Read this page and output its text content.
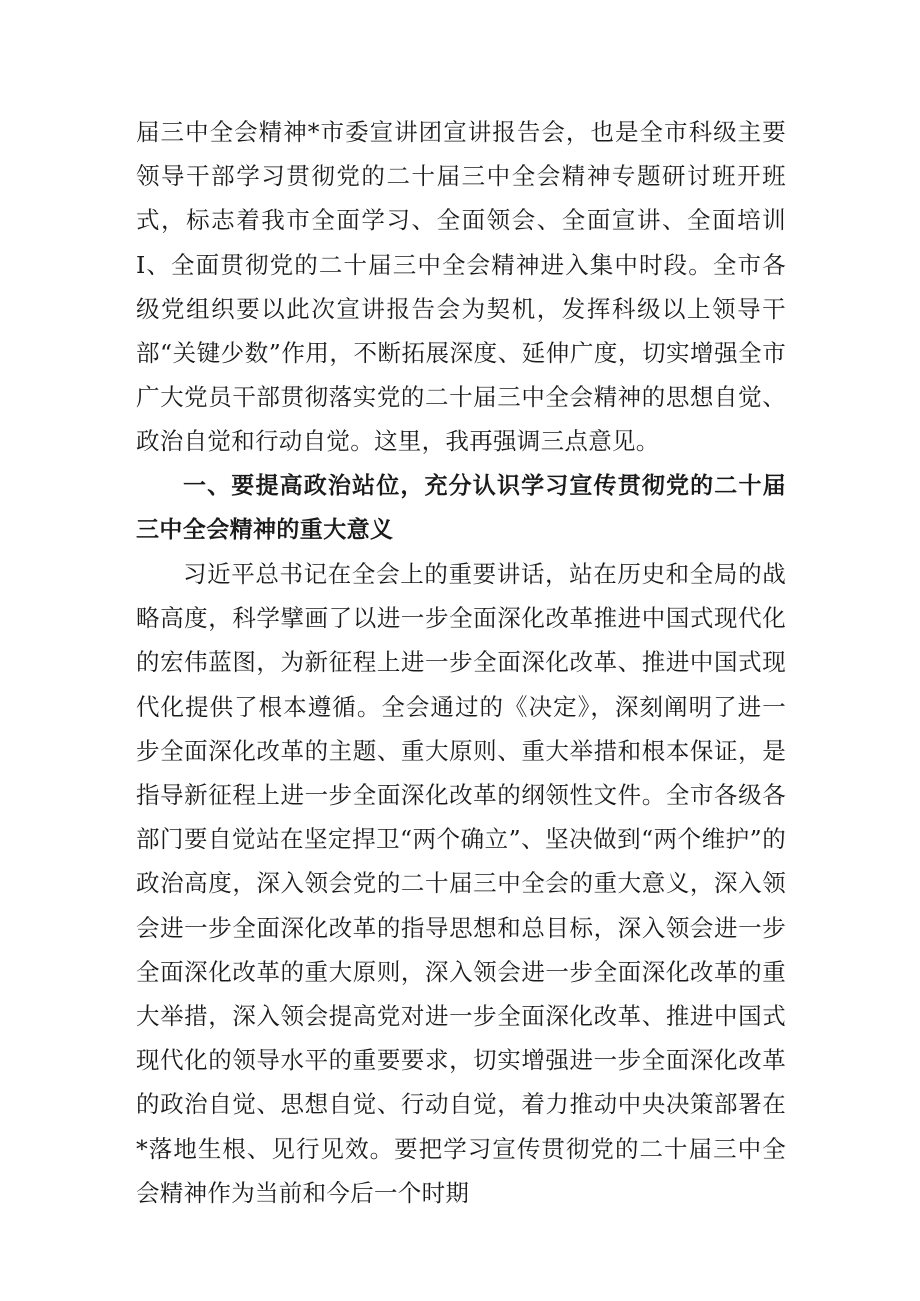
届三中全会精神*市委宣讲团宣讲报告会，也是全市科级主要领导干部学习贯彻党的二十届三中全会精神专题研讨班开班式，标志着我市全面学习、全面领会、全面宣讲、全面培训I、全面贯彻党的二十届三中全会精神进入集中时段。全市各级党组织要以此次宣讲报告会为契机，发挥科级以上领导干部“关键少数”作用，不断拓展深度、延伸广度，切实增强全市广大党员干部贯彻落实党的二十届三中全会精神的思想自觉、政治自觉和行动自觉。这里，我再强调三点意见。

一、要提高政治站位，充分认识学习宣传贯彻党的二十届三中全会精神的重大意义

习近平总书记在全会上的重要讲话，站在历史和全局的战略高度，科学擘画了以进一步全面深化改革推进中国式现代化的宏伟蓝图，为新征程上进一步全面深化改革、推进中国式现代化提供了根本遵循。全会通过的《决定》，深刻阐明了进一步全面深化改革的主题、重大原则、重大举措和根本保证，是指导新征程上进一步全面深化改革的纲领性文件。全市各级各部门要自觉站在坚定捍卫“两个确立”、坚决做到“两个维护”的政治高度，深入领会党的二十届三中全会的重大意义，深入领会进一步全面深化改革的指导思想和总目标，深入领会进一步全面深化改革的重大原则，深入领会进一步全面深化改革的重大举措，深入领会提高党对进一步全面深化改革、推进中国式现代化的领导水平的重要要求，切实增强进一步全面深化改革的政治自觉、思想自觉、行动自觉，着力推动中央决策部署在*落地生根、见行见效。要把学习宣传贯彻党的二十届三中全会精神作为当前和今后一个时期
